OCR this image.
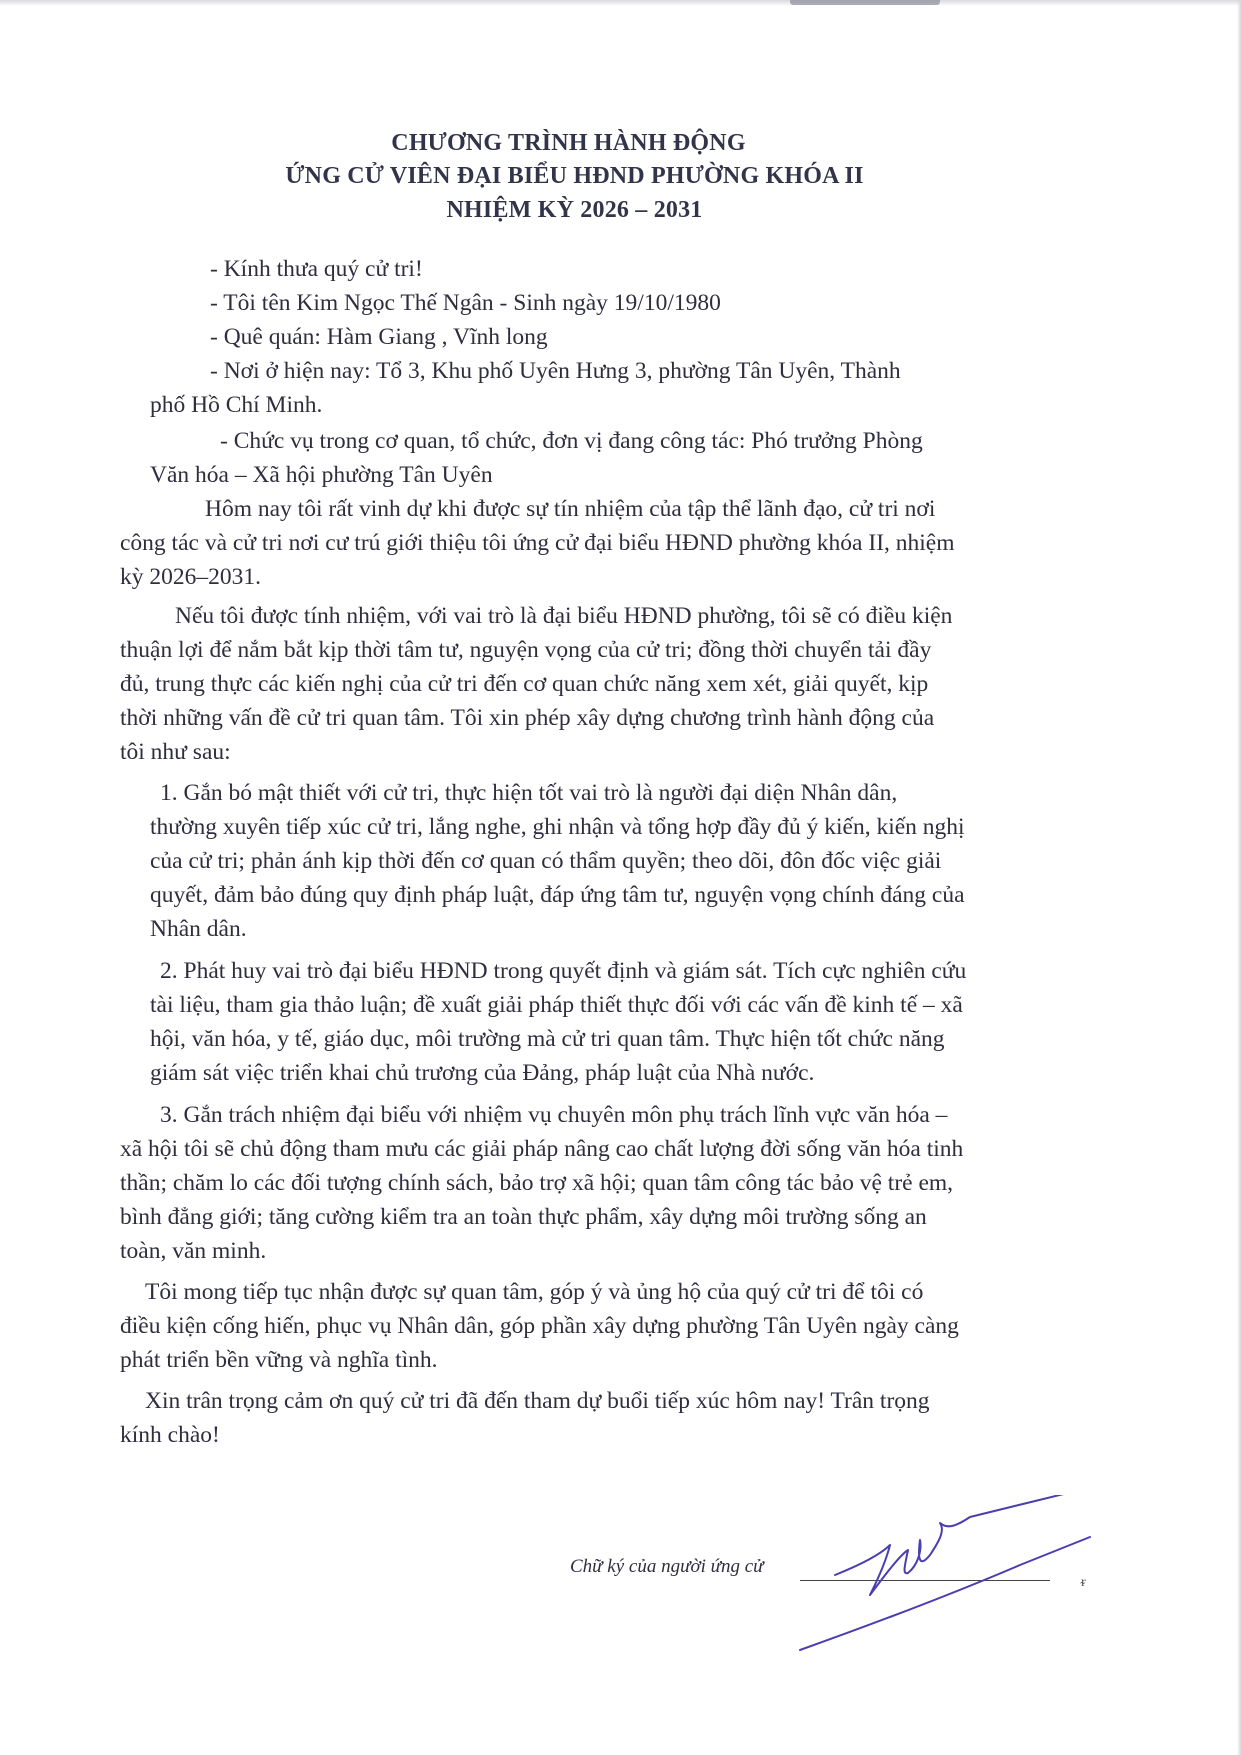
CHƯƠNG TRÌNH HÀNH ĐỘNG
ỨNG CỬ VIÊN ĐẠI BIỂU HĐND PHƯỜNG KHÓA II
NHIỆM KỲ 2026 – 2031
- Kính thưa quý cử tri!
- Tôi tên Kim Ngọc Thế Ngân - Sinh ngày 19/10/1980
- Quê quán: Hàm Giang , Vĩnh long
- Nơi ở hiện nay: Tổ 3, Khu phố Uyên Hưng 3, phường Tân Uyên, Thành
phố Hồ Chí Minh.
- Chức vụ trong cơ quan, tổ chức, đơn vị đang công tác: Phó trưởng Phòng
Văn hóa – Xã hội phường Tân Uyên
Hôm nay tôi rất vinh dự khi được sự tín nhiệm của tập thể lãnh đạo, cử tri nơi
công tác và cử tri nơi cư trú giới thiệu tôi ứng cử đại biểu HĐND phường khóa II, nhiệm
kỳ 2026–2031.
Nếu tôi được tính nhiệm, với vai trò là đại biểu HĐND phường, tôi sẽ có điều kiện
thuận lợi để nắm bắt kịp thời tâm tư, nguyện vọng của cử tri; đồng thời chuyển tải đầy
đủ, trung thực các kiến nghị của cử tri đến cơ quan chức năng xem xét, giải quyết, kịp
thời những vấn đề cử tri quan tâm. Tôi xin phép xây dựng chương trình hành động của
tôi như sau:
1. Gắn bó mật thiết với cử tri, thực hiện tốt vai trò là người đại diện Nhân dân,
thường xuyên tiếp xúc cử tri, lắng nghe, ghi nhận và tổng hợp đầy đủ ý kiến, kiến nghị
của cử tri; phản ánh kịp thời đến cơ quan có thẩm quyền; theo dõi, đôn đốc việc giải
quyết, đảm bảo đúng quy định pháp luật, đáp ứng tâm tư, nguyện vọng chính đáng của
Nhân dân.
2. Phát huy vai trò đại biểu HĐND trong quyết định và giám sát. Tích cực nghiên cứu
tài liệu, tham gia thảo luận; đề xuất giải pháp thiết thực đối với các vấn đề kinh tế – xã
hội, văn hóa, y tế, giáo dục, môi trường mà cử tri quan tâm. Thực hiện tốt chức năng
giám sát việc triển khai chủ trương của Đảng, pháp luật của Nhà nước.
3. Gắn trách nhiệm đại biểu với nhiệm vụ chuyên môn phụ trách lĩnh vực văn hóa –
xã hội tôi sẽ chủ động tham mưu các giải pháp nâng cao chất lượng đời sống văn hóa tinh
thần; chăm lo các đối tượng chính sách, bảo trợ xã hội; quan tâm công tác bảo vệ trẻ em,
bình đẳng giới; tăng cường kiểm tra an toàn thực phẩm, xây dựng môi trường sống an
toàn, văn minh.
Tôi mong tiếp tục nhận được sự quan tâm, góp ý và ủng hộ của quý cử tri để tôi có
điều kiện cống hiến, phục vụ Nhân dân, góp phần xây dựng phường Tân Uyên ngày càng
phát triển bền vững và nghĩa tình.
Xin trân trọng cảm ơn quý cử tri đã đến tham dự buổi tiếp xúc hôm nay! Trân trọng
kính chào!
Chữ ký của người ứng cử
ᵲ
